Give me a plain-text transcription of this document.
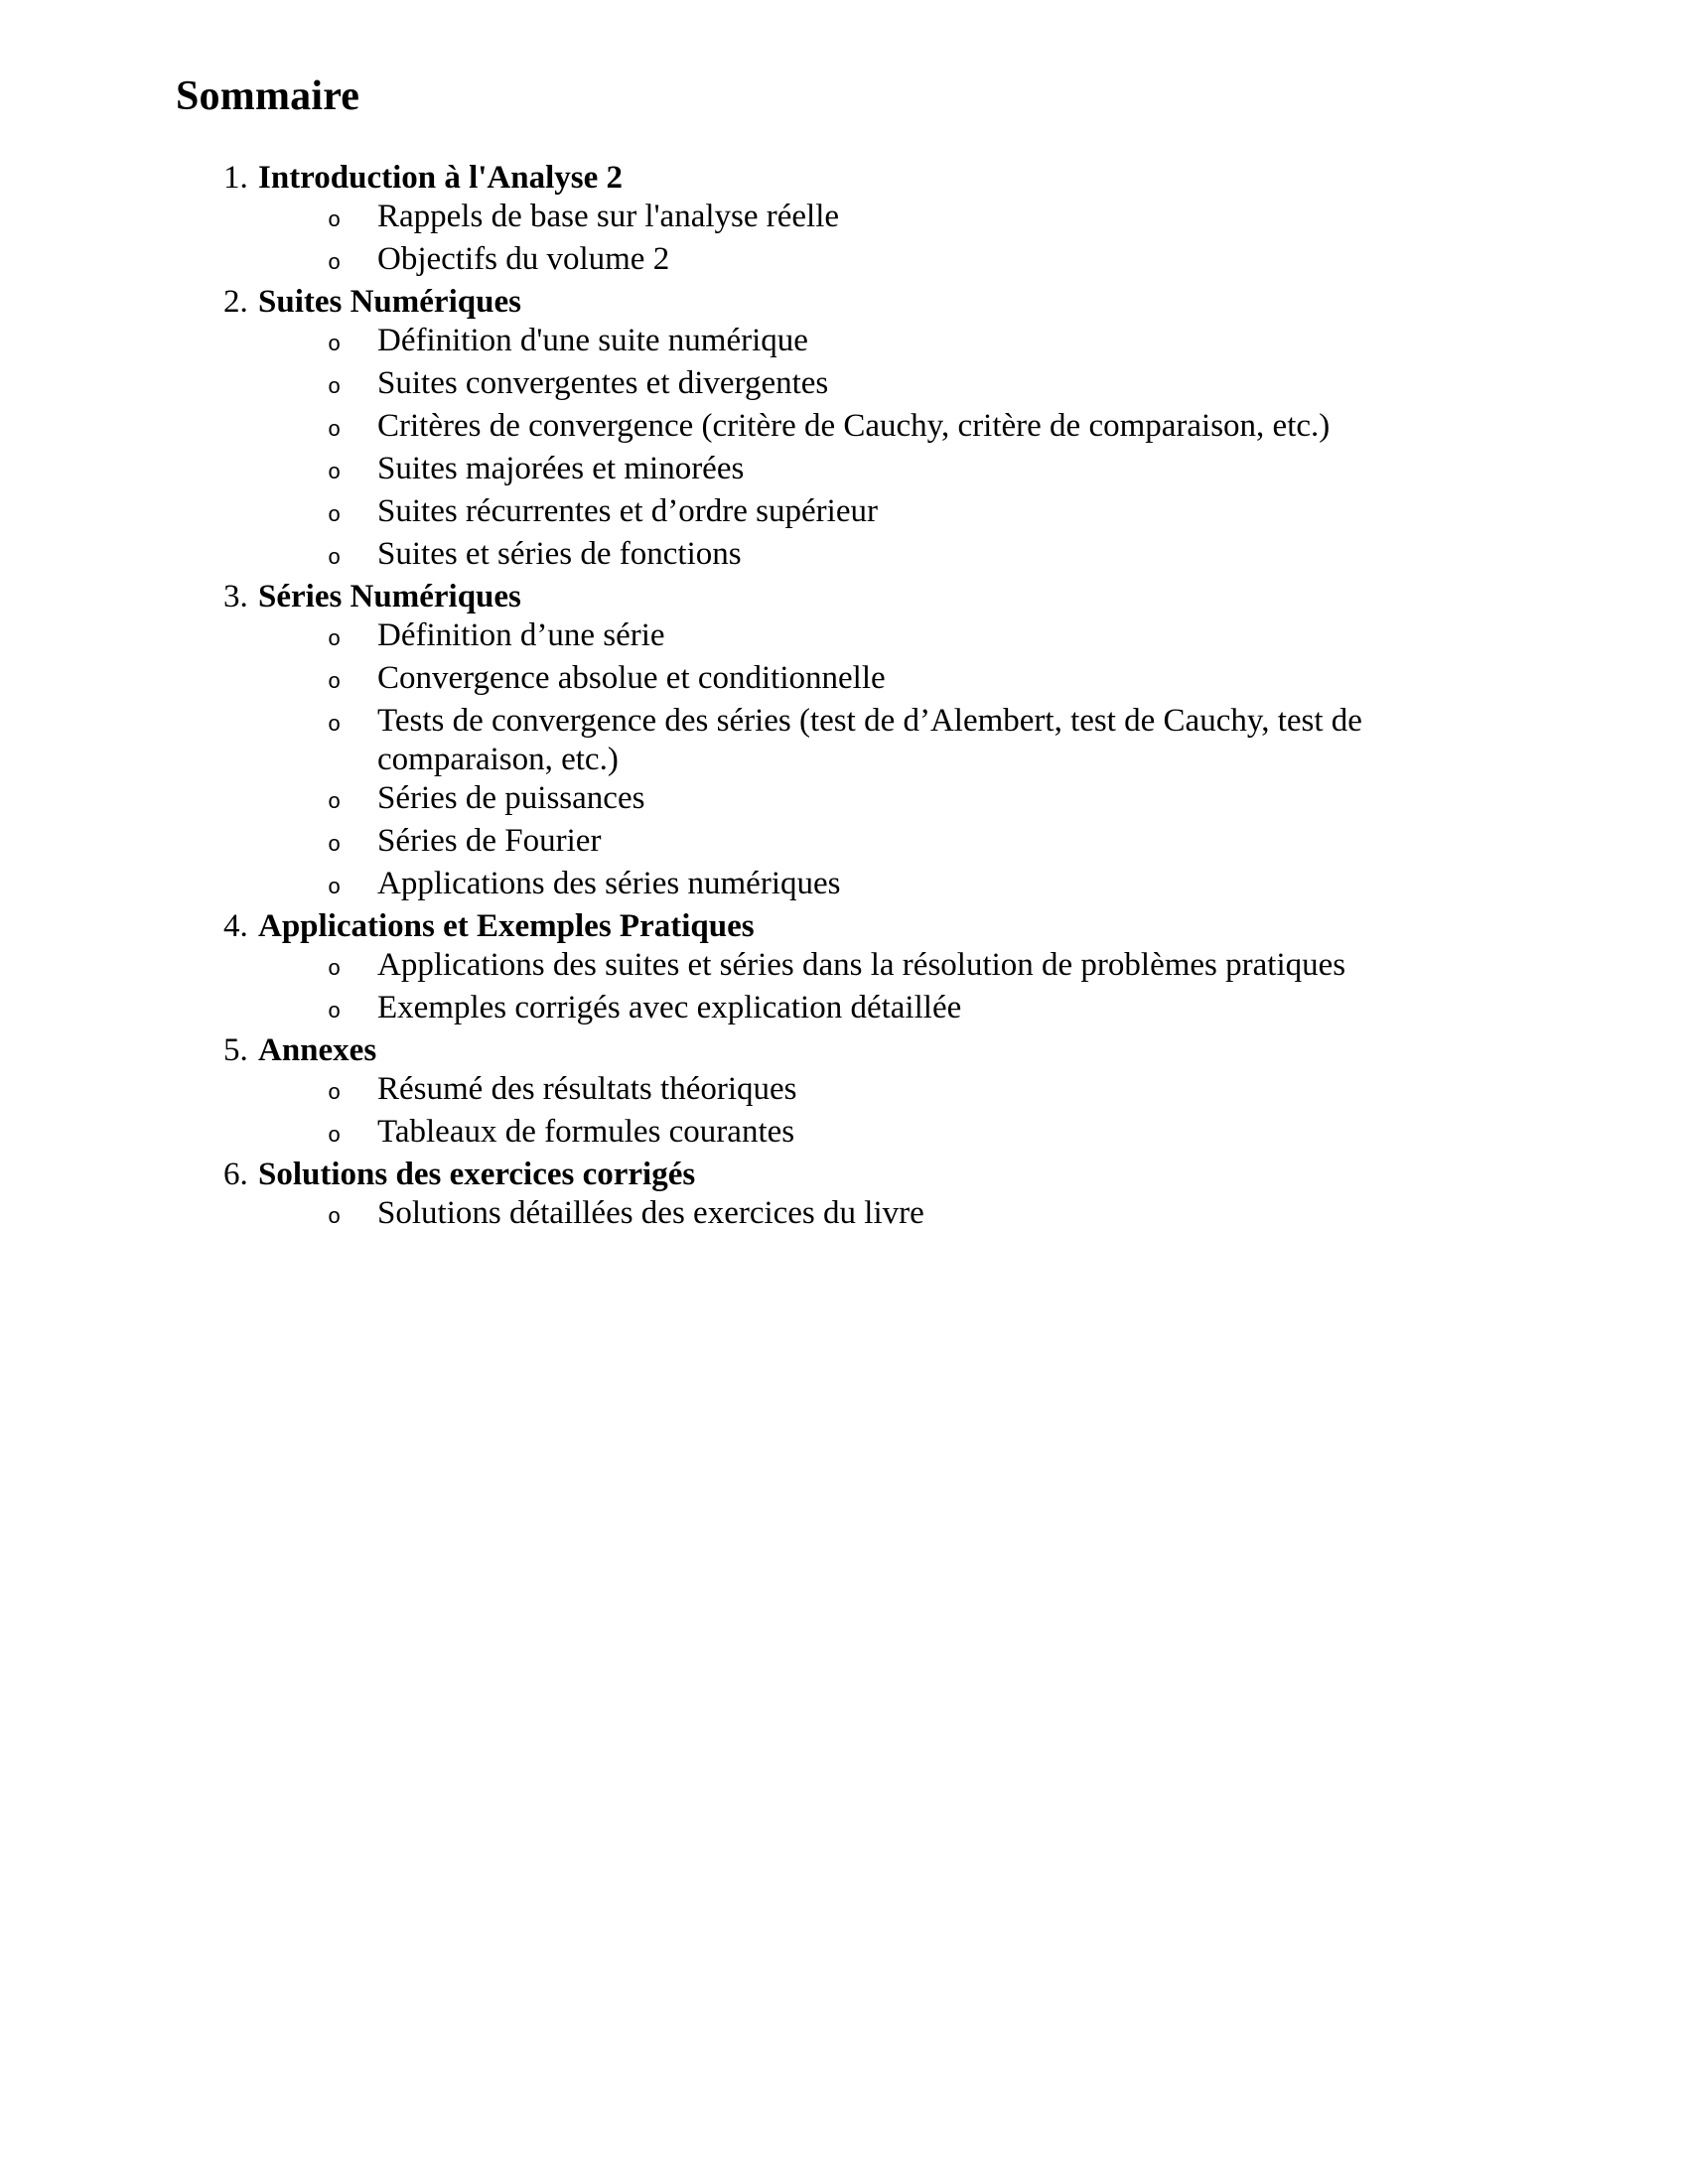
Sommaire
1. Introduction à l'Analyse 2
o	Rappels de base sur l'analyse réelle
o	Objectifs du volume 2
2. Suites Numériques
o	Définition d'une suite numérique
o	Suites convergentes et divergentes
o	Critères de convergence (critère de Cauchy, critère de comparaison, etc.)
o	Suites majorées et minorées
o	Suites récurrentes et d’ordre supérieur
o	Suites et séries de fonctions
3. Séries Numériques
o	Définition d’une série
o	Convergence absolue et conditionnelle
o	Tests de convergence des séries (test de d’Alembert, test de Cauchy, test de comparaison, etc.)
o	Séries de puissances
o	Séries de Fourier
o	Applications des séries numériques
4. Applications et Exemples Pratiques
o	Applications des suites et séries dans la résolution de problèmes pratiques
o	Exemples corrigés avec explication détaillée
5. Annexes
o	Résumé des résultats théoriques
o	Tableaux de formules courantes
6. Solutions des exercices corrigés
o	Solutions détaillées des exercices du livre
